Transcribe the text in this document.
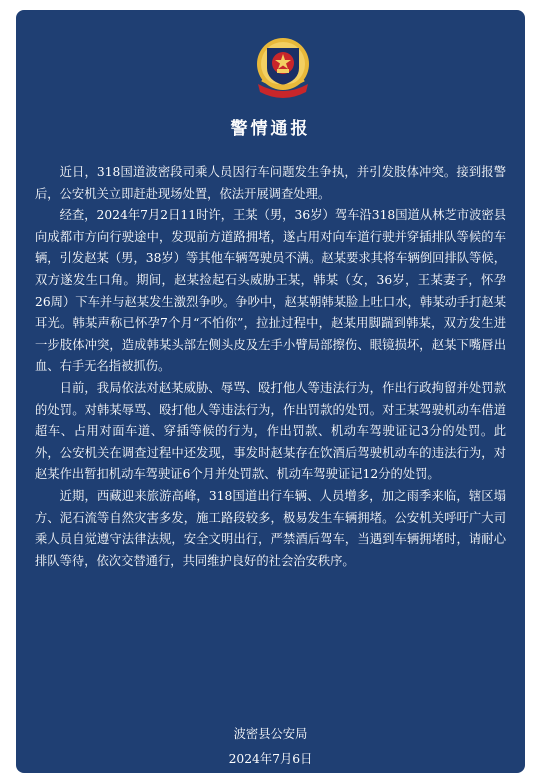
警情通报

近日，318国道波密段司乘人员因行车问题发生争执，并引发肢体冲突。接到报警后，公安机关立即赶赴现场处置，依法开展调查处理。

经查，2024年7月2日11时许，王某（男，36岁）驾车沿318国道从林芝市波密县向成都市方向行驶途中，发现前方道路拥堵，遂占用对向车道行驶并穿插排队等候的车辆，引发赵某（男，38岁）等其他车辆驾驶员不满。赵某要求其将车辆倒回排队等候，双方遂发生口角。期间，赵某捡起石头威胁王某，韩某（女，36岁，王某妻子，怀孕26周）下车并与赵某发生激烈争吵。争吵中，赵某朝韩某脸上吐口水，韩某动手打赵某耳光。韩某声称已怀孕7个月“不怕你”，拉扯过程中，赵某用脚踹到韩某，双方发生进一步肢体冲突，造成韩某头部左侧头皮及左手小臂局部擦伤、眼镜损坏，赵某下嘴唇出血、右手无名指被抓伤。

日前，我局依法对赵某威胁、辱骂、殴打他人等违法行为，作出行政拘留并处罚款的处罚。对韩某辱骂、殴打他人等违法行为，作出罚款的处罚。对王某驾驶机动车借道超车、占用对面车道、穿插等候的行为，作出罚款、机动车驾驶证记3分的处罚。此外，公安机关在调查过程中还发现，事发时赵某存在饮酒后驾驶机动车的违法行为，对赵某作出暂扣机动车驾驶证6个月并处罚款、机动车驾驶证记12分的处罚。

近期，西藏迎来旅游高峰，318国道出行车辆、人员增多，加之雨季来临，辖区塌方、泥石流等自然灾害多发，施工路段较多，极易发生车辆拥堵。公安机关呼吁广大司乘人员自觉遵守法律法规，安全文明出行，严禁酒后驾车，当遇到车辆拥堵时，请耐心排队等待，依次交替通行，共同维护良好的社会治安秩序。

波密县公安局
2024年7月6日
